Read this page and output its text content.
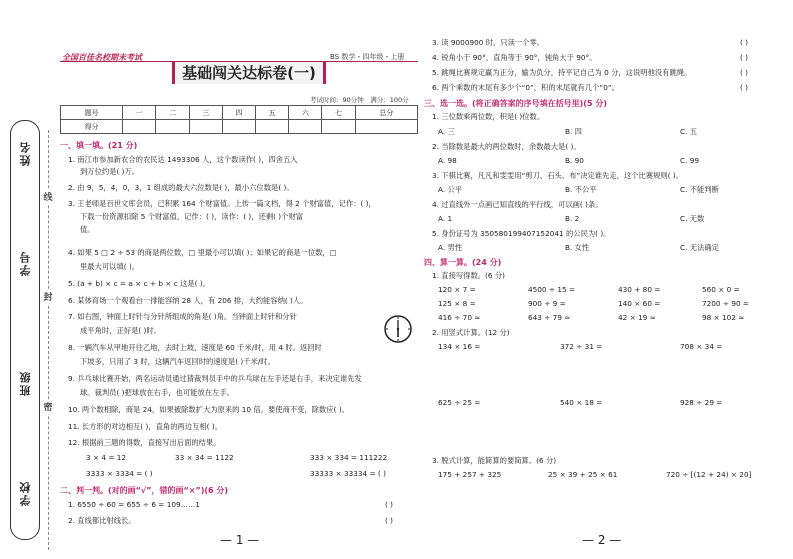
姓名
学号
班级
学校
线
封
密
全国百佳名校期末考试	BS 数学・四年级・上册
基础闯关达标卷(一)
考试时间：90分钟　满分：100分
题号	一	二	三	四	五	六	七	总分
得分								
一、填一填。(21 分)
1. 南江市参加新农合的农民达 1493306 人，这个数读作( )，四舍五入
到万位约是( )万。
2. 由 9，5，4，0，3，1 组成的最大六位数是( )，最小六位数是( )。
3. 王老师是百世文库会员，已积累 164 个财富值。上传一篇文档，得 2 个财富值，记作：( )，
下载一份资源扣除 5 个财富值，记作：( )，读作：( )，还剩( )个财富
值。
4. 如果 5 □ 2 ÷ 53 的商是两位数，□ 里最小可以填( )；如果它的商是一位数，□
里最大可以填( )。
5. (a + b) × c = a × c + b × c 这是( )。
6. 某体育场一个观看台一排能容纳 28 人，有 206 排，大约能容纳( )人。
7. 如右图，钟面上时针与分针所组成的角是( )角。当钟面上时针和分针
成平角时，正好是( )时。
8. 一辆汽车从甲地开往乙地，去时上坡，速度是 60 千米/时，用 4 时。返回时
下坡多，只用了 3 时，这辆汽车返回时的速度是( )千米/时。
9. 乒乓球比赛开始，两名运动员通过猜裁判员手中的乒乓球在左手还是右手，来决定谁先发
球。裁判员( )把球放在右手，也可能放在左手。
10. 两个数相除，商是 24，如果被除数扩大为原来的 10 倍，要使商不变，除数应( )。
11. 长方形的对边相互( )，直角的两边互相( )。
12. 根据前三题的得数，直接写出后面的结果。
3 × 4 = 12	33 × 34 = 1122	333 × 334 = 111222
3333 × 3334 = ( )	33333 × 33334 = ( )
二、判一判。(对的画“√”，错的画“×”)(6 分)
1. 6550 ÷ 60 = 655 ÷ 6 = 109……1	( )
2. 直线都比射线长。	( )
— 1 —
3. 读 9000900 时，只读一个零。	( )
4. 锐角小于 90°，直角等于 90°，钝角大于 90°。	( )
5. 跳绳比赛规定赢为正分，输为负分，持平记自己为 0 分，这说明他没有跳绳。	( )
6. 两个乘数的末尾有多少个“0”，积的末尾就有几个“0”。	( )
三、选一选。(将正确答案的序号填在括号里)(5 分)
1. 三位数乘两位数，积是( )位数。
A. 三	B. 四	C. 五
2. 当除数是最大的两位数时，余数最大是( )。
A. 98	B. 90	C. 99
3. 下棋比赛，凡凡和雯雯用“剪刀、石头、布”决定谁先走，这个比赛规则( )。
A. 公平	B. 不公平	C. 不能判断
4. 过直线外一点画已知直线的平行线，可以画( )条。
A. 1	B. 2	C. 无数
5. 身份证号为 350580199407152041 的公民为( )。
A. 男性	B. 女性	C. 无法确定
四、算一算。(24 分)
1. 直接写得数。(6 分)
120 × 7 =	4500 ÷ 15 =	430 + 80 =	560 × 0 =
125 × 8 =	900 ÷ 9 =	140 × 60 =	7200 ÷ 90 =
416 ÷ 70 ≈	643 ÷ 79 ≈	42 × 19 ≈	98 × 102 ≈
2. 用竖式计算。(12 分)
134 × 16 =	372 ÷ 31 =	708 × 34 =
625 ÷ 25 =	540 × 18 =	928 ÷ 29 =
3. 脱式计算，能简算的要简算。(6 分)
175 + 257 + 325	25 × 39 + 25 × 61	720 ÷ [(12 + 24) × 20]
— 2 —
